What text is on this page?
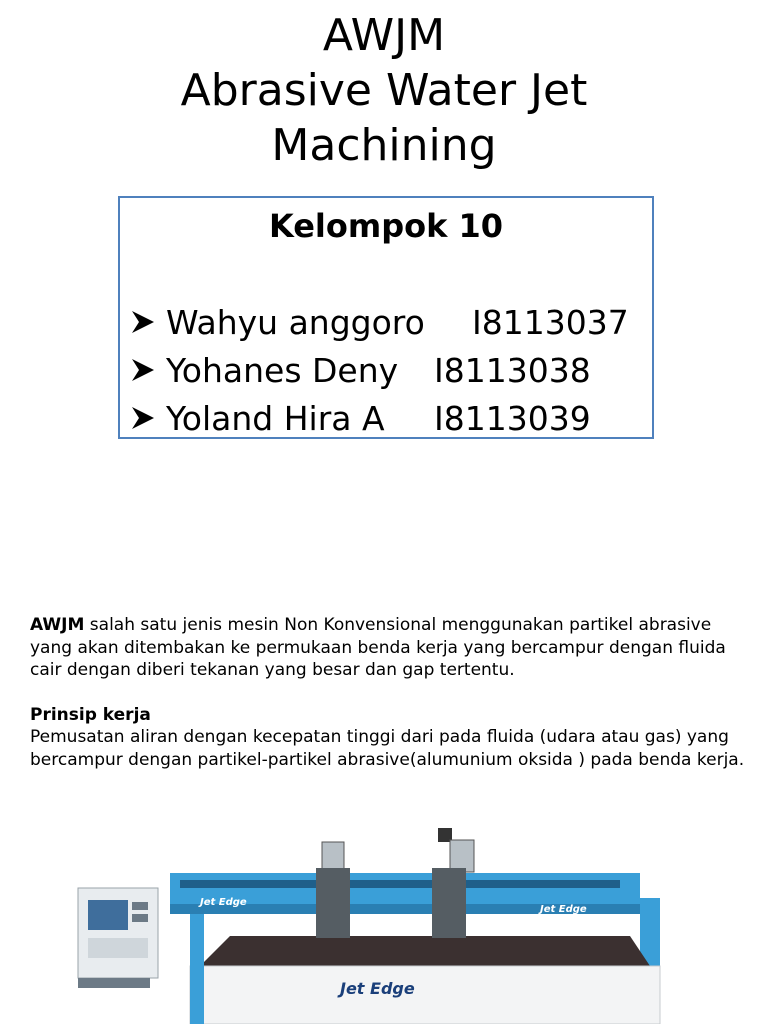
AWJM
Abrasive Water Jet
Machining
Kelompok 10
Wahyu anggoro	I8113037
Yohanes Deny	I8113038
Yoland Hira A	I8113039

AWJM salah satu jenis mesin Non Konvensional menggunakan partikel abrasive yang akan ditembakan ke permukaan benda kerja yang bercampur dengan fluida cair dengan diberi tekanan yang besar dan gap tertentu.

Prinsip kerja
Pemusatan aliran dengan kecepatan tinggi dari pada fluida (udara atau gas) yang bercampur dengan partikel-partikel abrasive(alumunium oksida ) pada benda kerja.

Jet Edge
Jet Edge
Jet Edge
